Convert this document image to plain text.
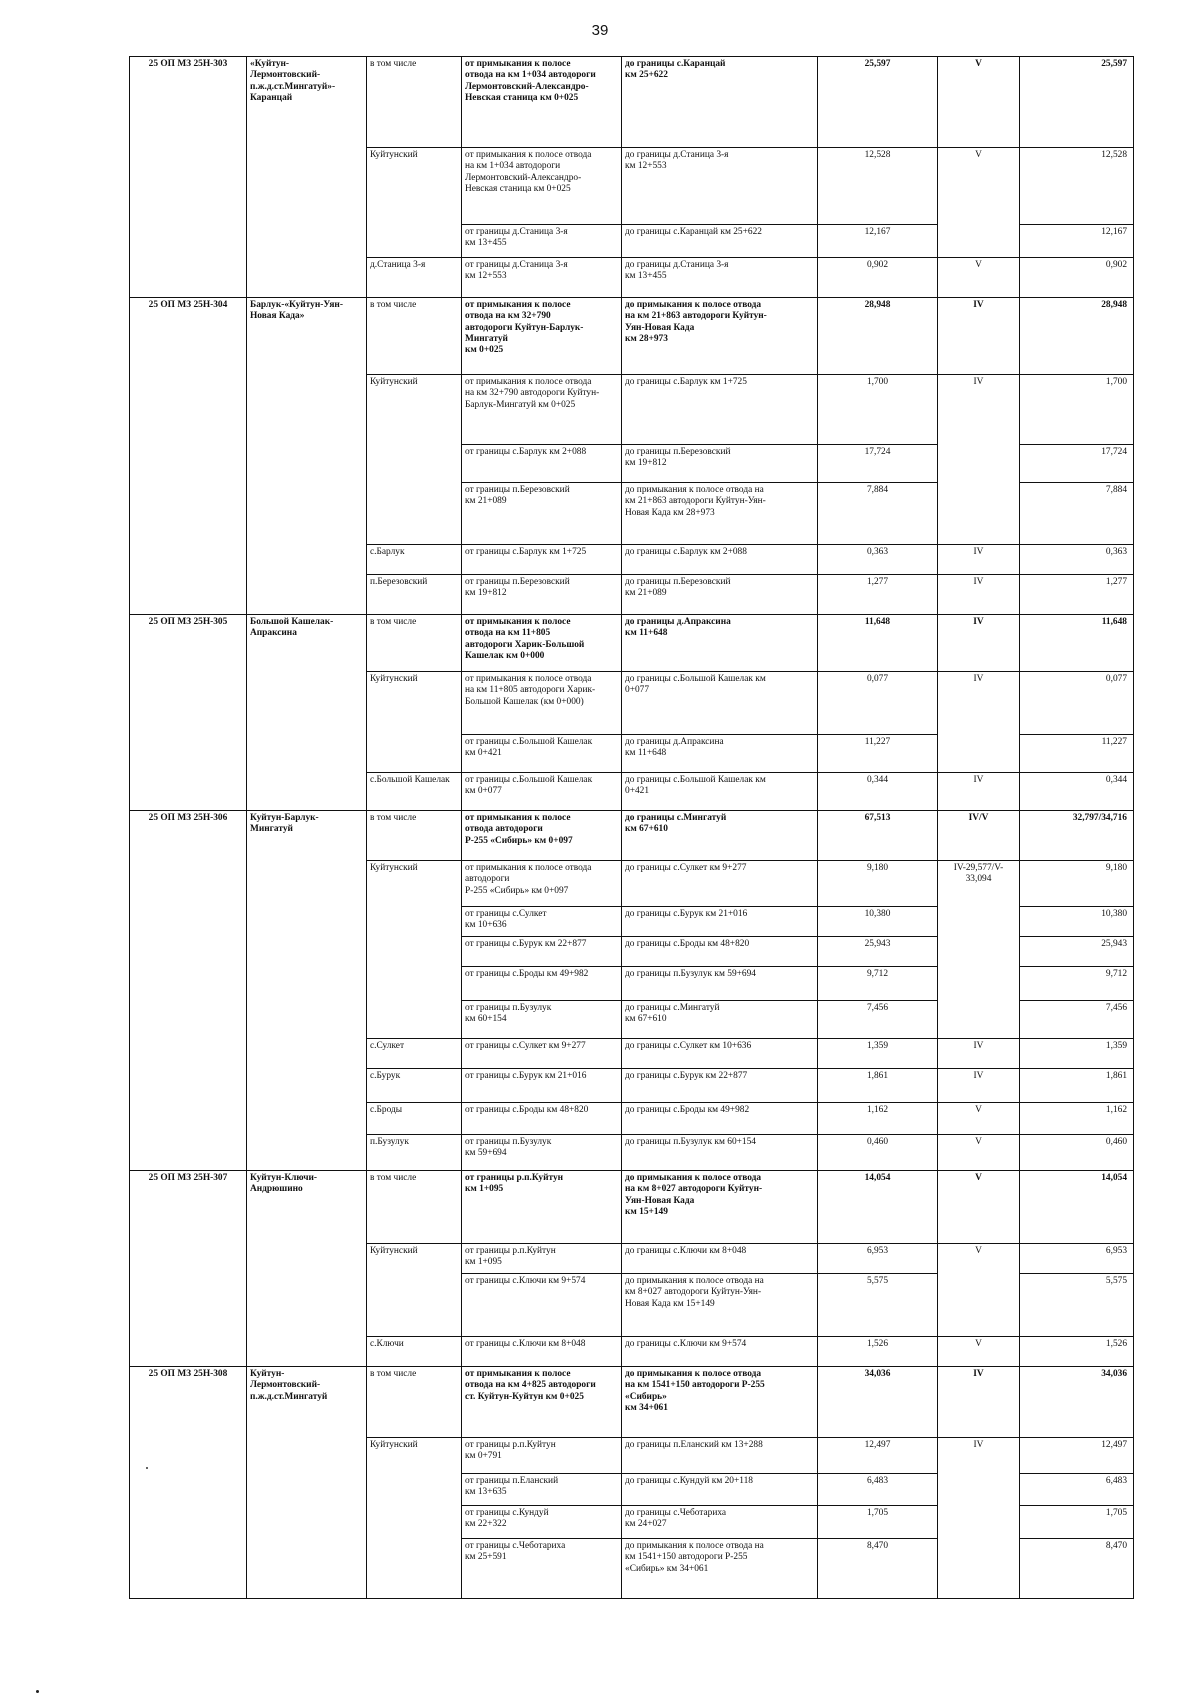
39
25 ОП МЗ 25Н-303	«Куйтун-
Лермонтовский-
п.ж.д.ст.Мингатуй»-
Каранцай	в том числе	от примыкания к полосе
отвода на км 1+034 автодороги
Лермонтовский-Александро-
Невская станица км 0+025	до границы с.Каранцай
км 25+622	25,597	V	25,597
		Куйтунский	от примыкания к полосе отвода
на км 1+034 автодороги
Лермонтовский-Александро-
Невская станица км 0+025	до границы д.Станица 3-я
км 12+553	12,528	V	12,528
			от границы д.Станица 3-я
км 13+455	до границы с.Каранцай км 25+622	12,167		12,167
		д.Станица 3-я	от границы д.Станица 3-я
км 12+553	до границы д.Станица 3-я
км 13+455	0,902	V	0,902
25 ОП МЗ 25Н-304	Барлук-«Куйтун-Уян-
Новая Када»	в том числе	от примыкания к полосе
отвода на км 32+790
автодороги Куйтун-Барлук-
Мингатуй
км 0+025	до примыкания к полосе отвода
на км 21+863 автодороги Куйтун-
Уян-Новая Када
км 28+973	28,948	IV	28,948
		Куйтунский	от примыкания к полосе отвода
на км 32+790 автодороги Куйтун-
Барлук-Мингатуй км 0+025	до границы с.Барлук км 1+725	1,700	IV	1,700
			от границы с.Барлук км 2+088	до границы п.Березовский
км 19+812	17,724		17,724
			от границы п.Березовский
км 21+089	до примыкания к полосе отвода на
км 21+863 автодороги Куйтун-Уян-
Новая Када км 28+973	7,884		7,884
		с.Барлук	от границы с.Барлук км 1+725	до границы с.Барлук км 2+088	0,363	IV	0,363
		п.Березовский	от границы п.Березовский
км 19+812	до границы п.Березовский
км 21+089	1,277	IV	1,277
25 ОП МЗ 25Н-305	Большой Кашелак-
Апраксина	в том числе	от примыкания к полосе
отвода на км 11+805
автодороги Харик-Большой
Кашелак км 0+000	до границы д.Апраксина
км 11+648	11,648	IV	11,648
		Куйтунский	от примыкания к полосе отвода
на км 11+805 автодороги Харик-
Большой Кашелак (км 0+000)	до границы с.Большой Кашелак км
0+077	0,077	IV	0,077
			от границы с.Большой Кашелак
км 0+421	до границы д.Апраксина
км 11+648	11,227		11,227
		с.Большой Кашелак	от границы с.Большой Кашелак
км 0+077	до границы с.Большой Кашелак км
0+421	0,344	IV	0,344
25 ОП МЗ 25Н-306	Куйтун-Барлук-
Мингатуй	в том числе	от примыкания к полосе
отвода автодороги
Р-255 «Сибирь» км 0+097	до границы с.Мингатуй
км 67+610	67,513	IV/V	32,797/34,716
		Куйтунский	от примыкания к полосе отвода
автодороги
Р-255 «Сибирь» км 0+097	до границы с.Сулкет км 9+277	9,180	IV-29,577/V-
33,094	9,180
			от границы с.Сулкет
км 10+636	до границы с.Бурук км 21+016	10,380		10,380
			от границы с.Бурук км 22+877	до границы с.Броды км 48+820	25,943		25,943
			от границы с.Броды км 49+982	до границы п.Бузулук км 59+694	9,712		9,712
			от границы п.Бузулук
км 60+154	до границы с.Мингатуй
км 67+610	7,456		7,456
		с.Сулкет	от границы с.Сулкет км 9+277	до границы с.Сулкет км 10+636	1,359	IV	1,359
		с.Бурук	от границы с.Бурук км 21+016	до границы с.Бурук км 22+877	1,861	IV	1,861
		с.Броды	от границы с.Броды км 48+820	до границы с.Броды км 49+982	1,162	V	1,162
		п.Бузулук	от границы п.Бузулук
км 59+694	до границы п.Бузулук км 60+154	0,460	V	0,460
25 ОП МЗ 25Н-307	Куйтун-Ключи-
Андрюшино	в том числе	от границы р.п.Куйтун
км 1+095	до примыкания к полосе отвода
на км 8+027 автодороги Куйтун-
Уян-Новая Када
км 15+149	14,054	V	14,054
		Куйтунский	от границы р.п.Куйтун
км 1+095	до границы с.Ключи км 8+048	6,953	V	6,953
			от границы с.Ключи км 9+574	до примыкания к полосе отвода на
км 8+027 автодороги Куйтун-Уян-
Новая Када км 15+149	5,575		5,575
		с.Ключи	от границы с.Ключи км 8+048	до границы с.Ключи км 9+574	1,526	V	1,526
25 ОП МЗ 25Н-308	Куйтун-
Лермонтовский-
п.ж.д.ст.Мингатуй	в том числе	от примыкания к полосе
отвода на км 4+825 автодороги
ст. Куйтун-Куйтун км 0+025	до примыкания к полосе отвода
на км 1541+150 автодороги Р-255
«Сибирь»
км 34+061	34,036	IV	34,036
		Куйтунский	от границы р.п.Куйтун
км 0+791	до границы п.Еланский км 13+288	12,497	IV	12,497
			от границы п.Еланский
км 13+635	до границы с.Кундуй км 20+118	6,483		6,483
			от границы с.Кундуй
км 22+322	до границы с.Чеботариха
км 24+027	1,705		1,705
			от границы с.Чеботариха
км 25+591	до примыкания к полосе отвода на
км 1541+150 автодороги Р-255
«Сибирь» км 34+061	8,470		8,470
